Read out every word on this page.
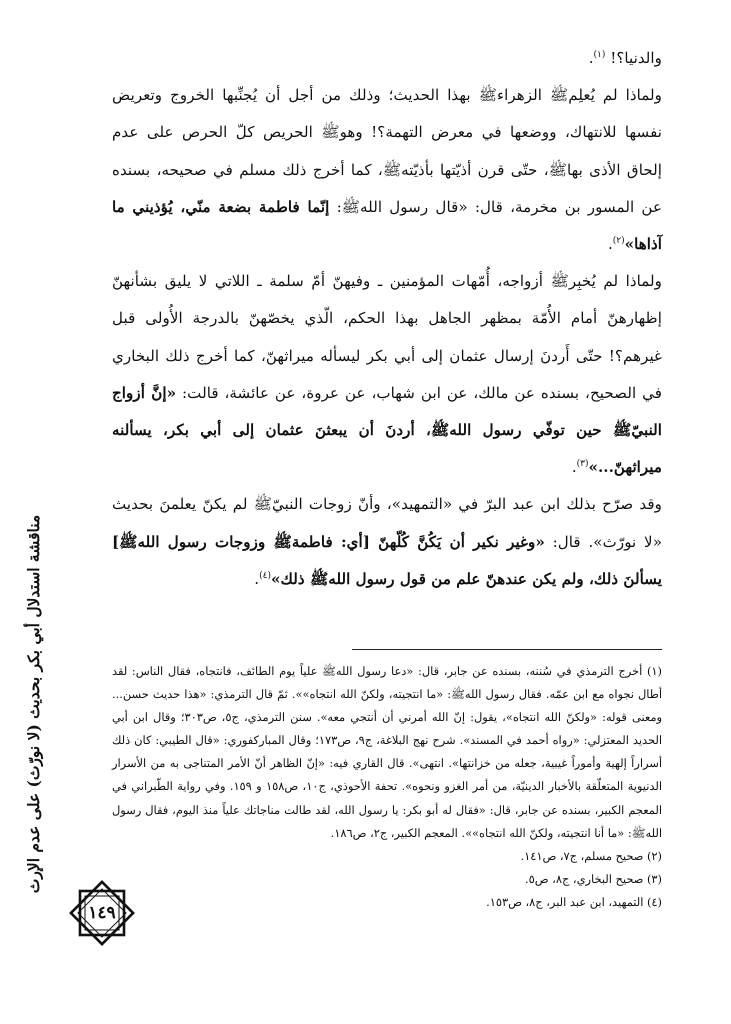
والدنيا؟! $^{(١)}$.

ولماذا لم يُعلِمﷺ الزهراءﷺ بهذا الحديث؛ وذلك من أجل أن يُجنِّبها الخروج وتعريض نفسها للانتهاك، ووضعها في معرض التهمة؟! وهوﷺ الحريص كلّ الحرص على عدم إلحاق الأذى بهاﷺ، حتّى قرن أذيّتها بأذيّتهﷺ، كما أخرج ذلك مسلم في صحيحه، بسنده عن المسور بن مخرمة، قال: «قال رسول اللهﷺ: إنّما فاطمة بضعة منّي، يُؤذيني ما آذاها»$^{(٢)}$.

ولماذا لم يُخبِرﷺ أزواجه، أُمّهات المؤمنين ـ وفيهنّ أمّ سلمة ـ اللاتي لا يليق بشأنهنّ إظهارهنّ أمام الأُمّة بمظهر الجاهل بهذا الحكم، الّذي يخصّهنّ بالدرجة الأُولى قبل غيرهم؟! حتّى أَردنَ إرسال عثمان إلى أبي بكر ليسأله ميراثهنّ، كما أخرج ذلك البخاري في الصحيح، بسنده عن مالك، عن ابن شهاب، عن عروة، عن عائشة، قالت: «إنَّ أزواج النبيّﷺ حين توفّي رسول اللهﷺ، أردنَ أن يبعثنَ عثمان إلى أبي بكر، يسألنه ميراثهنّ...»$^{(٣)}$.

وقد صرّح بذلك ابن عبد البرّ في «التمهيد»، وأنّ زوجات النبيّﷺ لم يكنّ يعلمنَ بحديث «لا نورّث». قال: «وغير نكير أن يَكُنَّ كُلّهنّ [أي: فاطمةﷺ وزوجات رسول اللهﷺ] يسألنَ ذلك، ولم يكن عندهنّ علم من قول رسول اللهﷺ ذلك»$^{(٤)}$.

(١) أخرج الترمذي في سُننه، بسنده عن جابر، قال: «دعا رسول اللهﷺ علياً يوم الطائف، فانتجاه، فقال الناس: لقد أطال نجواه مع ابن عمّه. فقال رسول اللهﷺ: «ما انتجيته، ولكنّ الله انتجاه»». ثمّ قال الترمذي: «هذا حديث حسن... ومعنى قوله: «ولكنّ الله انتجاه»، يقول: إنّ الله أمرني أن أنتجي معه». سنن الترمذي، ج٥، ص٣٠٣؛ وقال ابن أبي الحديد المعتزلي: «رواه أحمد في المسند». شرح نهج البلاغة، ج٩، ص١٧٣؛ وقال المباركفوري: «قال الطيبي: كان ذلك أسراراً إلهية وأموراً غيبية، جعله من خزانتها». انتهى». قال القاري فيه: «إنّ الظاهر أنّ الأمر المتناجى به من الأسرار الدنيوية المتعلّقة بالأخبار الدينيّة، من أمر الغزو ونحوه». تحفة الأحوذي، ج١٠، ص١٥٨ و ١٥٩. وفي رواية الطّبراني في المعجم الكبير، بسنده عن جابر، قال: «فقال له أبو بكر: يا رسول الله، لقد طالت مناجاتك علياً منذ اليوم، فقال رسول اللهﷺ: «ما أنا انتجيته، ولكنّ الله انتجاه»». المعجم الكبير، ج٢، ص١٨٦.

(٢) صحيح مسلم، ج٧، ص١٤١.

(٣) صحيح البخاري، ج٨، ص٥.

(٤) التمهيد، ابن عبد البر، ج٨، ص١٥٣.

مناقشة استدلال أبي بكر بحديث (لا نورّث) على عدم الإرث
١٤٩
